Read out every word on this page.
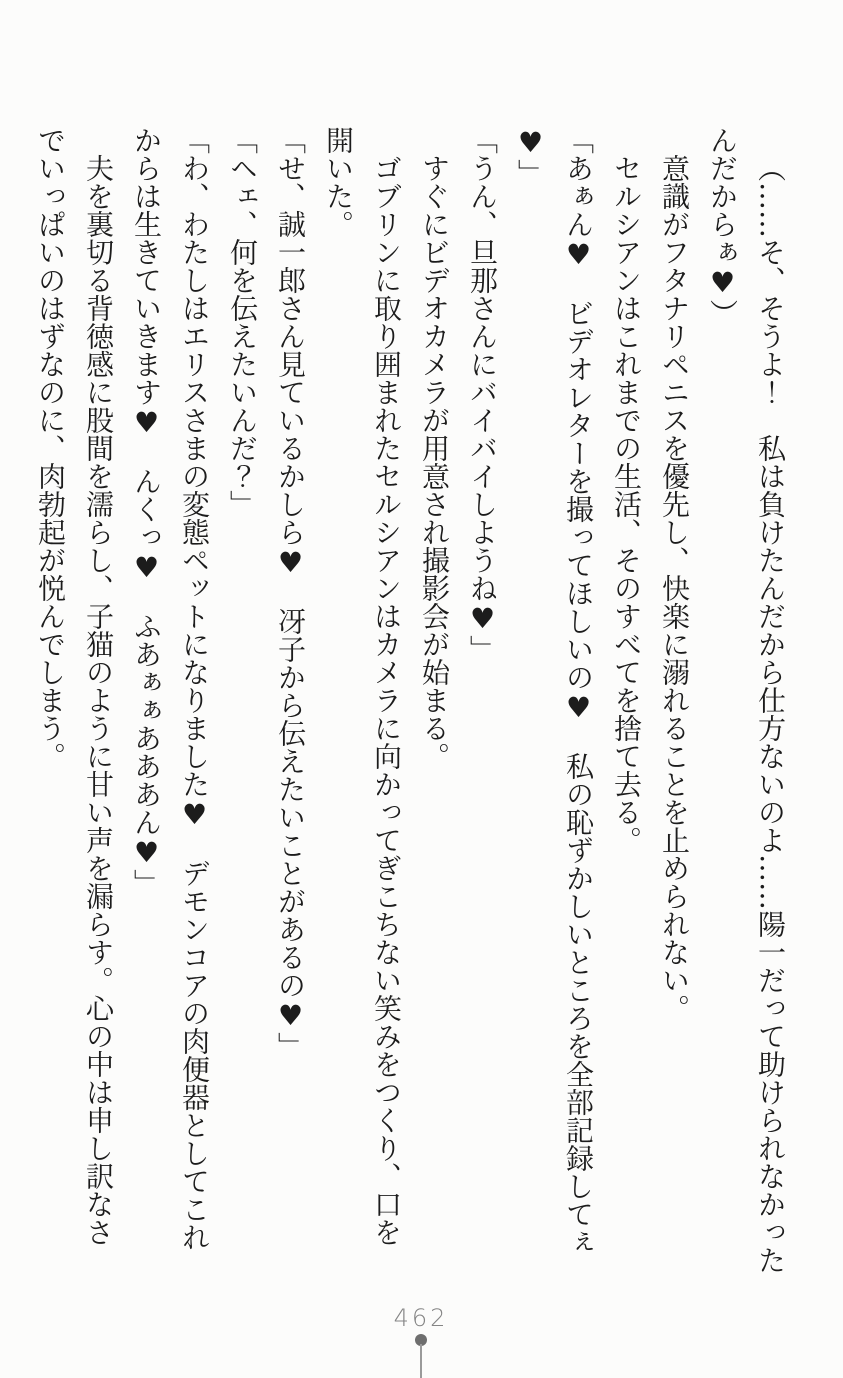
（……そ、そうよ！　私は負けたんだから仕方ないのよ……陽一だって助けられなかった
んだからぁ♥）
意識がフタナリペニスを優先し、快楽に溺れることを止められない。
セルシアンはこれまでの生活、そのすべてを捨て去る。
「あぁん♥　ビデオレターを撮ってほしいの♥　私の恥ずかしいところを全部記録してぇ
♥」
「うん、旦那さんにバイバイしようね♥」
すぐにビデオカメラが用意され撮影会が始まる。
ゴブリンに取り囲まれたセルシアンはカメラに向かってぎこちない笑みをつくり、口を
開いた。
「せ、誠一郎さん見ているかしら♥　冴子から伝えたいことがあるの♥」
「ヘェ、何を伝えたいんだ？」
「わ、わたしはエリスさまの変態ペットになりました♥　デモンコアの肉便器としてこれ
からは生きていきます♥　んくっ♥　ふあぁぁあああん♥」
夫を裏切る背徳感に股間を濡らし、子猫のように甘い声を漏らす。心の中は申し訳なさ
でいっぱいのはずなのに、肉勃起が悦んでしまう。
462
